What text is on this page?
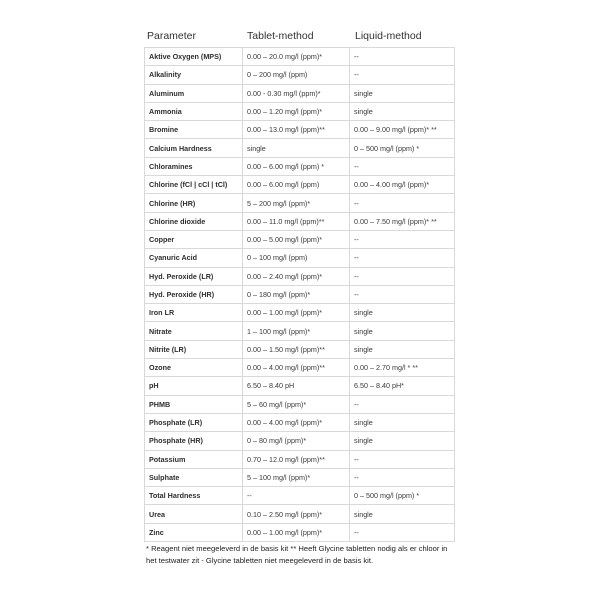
Parameter	Tablet-method	Liquid-method
Aktive Oxygen (MPS)	0.00 – 20.0 mg/l (ppm)*	--
Alkalinity	0 – 200 mg/l (ppm)	--
Aluminum	0.00 - 0.30 mg/l (ppm)*	single
Ammonia	0.00 – 1.20 mg/l (ppm)*	single
Bromine	0.00 – 13.0 mg/l (ppm)**	0.00 – 9.00 mg/l (ppm)* **
Calcium Hardness	single	0 – 500 mg/l (ppm) *
Chloramines	0.00 – 6.00 mg/l (ppm) *	--
Chlorine (fCl | cCl | tCl)	0.00 – 6.00 mg/l (ppm)	0.00 – 4.00 mg/l (ppm)*
Chlorine (HR)	5 – 200 mg/l (ppm)*	--
Chlorine dioxide	0.00 – 11.0 mg/l (ppm)**	0.00 – 7.50 mg/l (ppm)* **
Copper	0.00 – 5.00 mg/l (ppm)*	--
Cyanuric Acid	0 – 100 mg/l (ppm)	--
Hyd. Peroxide (LR)	0.00 – 2.40 mg/l (ppm)*	--
Hyd. Peroxide (HR)	0 – 180 mg/l (ppm)*	--
Iron LR	0.00 – 1.00 mg/l (ppm)*	single
Nitrate	1 – 100 mg/l (ppm)*	single
Nitrite (LR)	0.00 – 1.50 mg/l (ppm)**	single
Ozone	0.00 – 4.00 mg/l (ppm)**	0.00 – 2.70 mg/l * **
pH	6.50 – 8.40 pH	6.50 – 8.40 pH*
PHMB	5 – 60 mg/l (ppm)*	--
Phosphate (LR)	0.00 – 4.00 mg/l (ppm)*	single
Phosphate (HR)	0 – 80 mg/l (ppm)*	single
Potassium	0.70 – 12.0 mg/l (ppm)**	--
Sulphate	5 – 100 mg/l (ppm)*	--
Total Hardness	--	0 – 500 mg/l (ppm) *
Urea	0.10 – 2.50 mg/l (ppm)*	single
Zinc	0.00 – 1.00 mg/l (ppm)*	--
* Reagent niet meegeleverd in de basis kit ** Heeft Glycine tabletten nodig als er chloor in
het testwater zit - Glycine tabletten niet meegeleverd in de basis kit.
